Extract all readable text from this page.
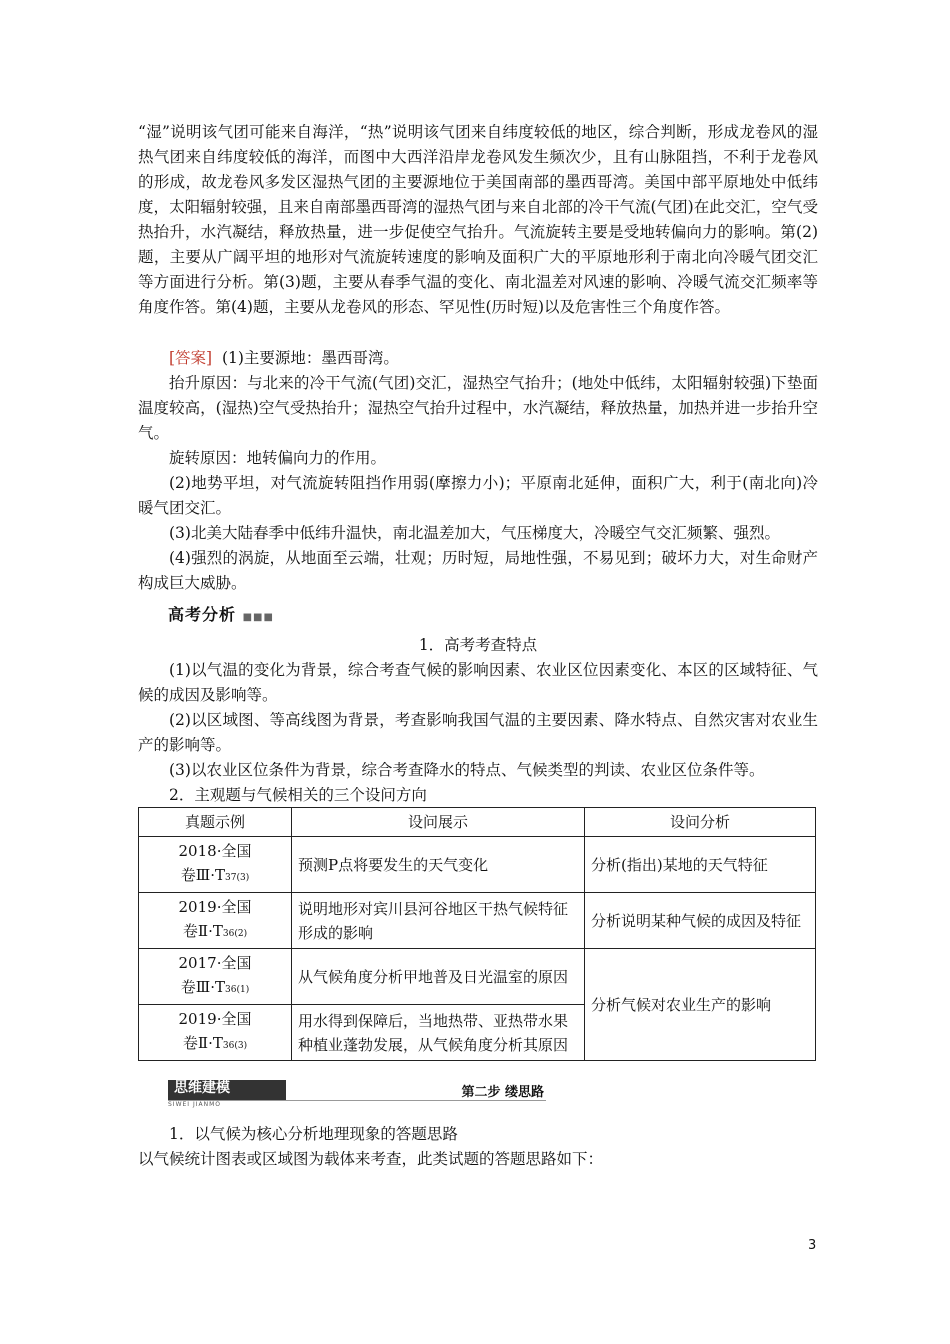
“湿”说明该气团可能来自海洋，“热”说明该气团来自纬度较低的地区，综合判断，形成龙卷风的湿热气团来自纬度较低的海洋，而图中大西洋沿岸龙卷风发生频次少，且有山脉阻挡，不利于龙卷风的形成，故龙卷风多发区湿热气团的主要源地位于美国南部的墨西哥湾。美国中部平原地处中低纬度，太阳辐射较强，且来自南部墨西哥湾的湿热气团与来自北部的冷干气流(气团)在此交汇，空气受热抬升，水汽凝结，释放热量，进一步促使空气抬升。气流旋转主要是受地转偏向力的影响。第(2)题，主要从广阔平坦的地形对气流旋转速度的影响及面积广大的平原地形利于南北向冷暖气团交汇等方面进行分析。第(3)题，主要从春季气温的变化、南北温差对风速的影响、冷暖气流交汇频率等角度作答。第(4)题，主要从龙卷风的形态、罕见性(历时短)以及危害性三个角度作答。
[答案] (1)主要源地：墨西哥湾。
抬升原因：与北来的冷干气流(气团)交汇，湿热空气抬升；(地处中低纬，太阳辐射较强)下垫面温度较高，(湿热)空气受热抬升；湿热空气抬升过程中，水汽凝结，释放热量，加热并进一步抬升空气。
旋转原因：地转偏向力的作用。
(2)地势平坦，对气流旋转阻挡作用弱(摩擦力小)；平原南北延伸，面积广大，利于(南北向)冷暖气团交汇。
(3)北美大陆春季中低纬升温快，南北温差加大，气压梯度大，冷暖空气交汇频繁、强烈。
(4)强烈的涡旋，从地面至云端，壮观；历时短，局地性强，不易见到；破坏力大，对生命财产构成巨大威胁。
高考分析 ■■■
1．高考考查特点
(1)以气温的变化为背景，综合考查气候的影响因素、农业区位因素变化、本区的区域特征、气候的成因及影响等。
(2)以区域图、等高线图为背景，考查影响我国气温的主要因素、降水特点、自然灾害对农业生产的影响等。
(3)以农业区位条件为背景，综合考查降水的特点、气候类型的判读、农业区位条件等。
2．主观题与气候相关的三个设问方向
真题示例	设问展示	设问分析
2018·全国
卷Ⅲ·T37(3)	预测P点将要发生的天气变化	分析(指出)某地的天气特征
2019·全国
卷Ⅱ·T36(2)	说明地形对宾川县河谷地区干热气候特征形成的影响	分析说明某种气候的成因及特征
2017·全国
卷Ⅲ·T36(1)	从气候角度分析甲地普及日光温室的原因	分析气候对农业生产的影响
2019·全国
卷Ⅱ·T36(3)	用水得到保障后，当地热带、亚热带水果种植业蓬勃发展，从气候角度分析其原因	
思维建模	第二步 缕思路
SIWEI JIANMO
1．以气候为核心分析地理现象的答题思路
以气候统计图表或区域图为载体来考查，此类试题的答题思路如下：
3
